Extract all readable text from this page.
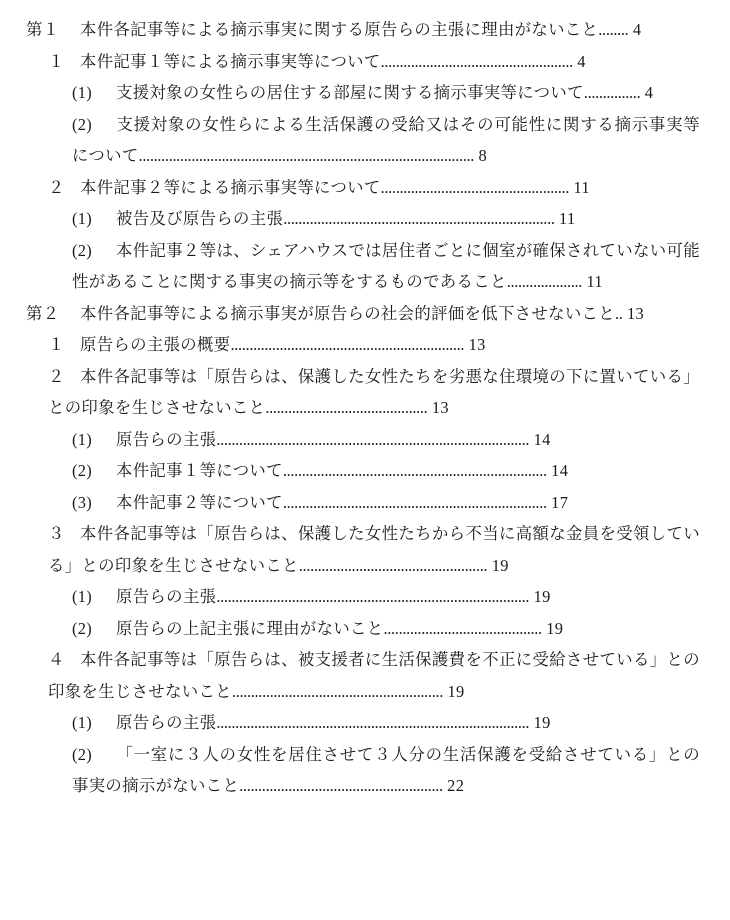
第１ 本件各記事等による摘示事実に関する原告らの主張に理由がないこと........ 4
１ 本件記事１等による摘示事実等について................................................... 4
(1) 支援対象の女性らの居住する部屋に関する摘示事実等について............... 4
(2) 支援対象の女性らによる生活保護の受給又はその可能性に関する摘示事実等について......................................................................................... 8
２ 本件記事２等による摘示事実等について.................................................. 11
(1) 被告及び原告らの主張........................................................................ 11
(2) 本件記事２等は、シェアハウスでは居住者ごとに個室が確保されていない可能性があることに関する事実の摘示等をするものであること.................... 11
第２ 本件各記事等による摘示事実が原告らの社会的評価を低下させないこと.. 13
１ 原告らの主張の概要.............................................................. 13
２ 本件各記事等は「原告らは、保護した女性たちを劣悪な住環境の下に置いている」との印象を生じさせないこと........................................... 13
(1) 原告らの主張................................................................................... 14
(2) 本件記事１等について...................................................................... 14
(3) 本件記事２等について...................................................................... 17
３ 本件各記事等は「原告らは、保護した女性たちから不当に高額な金員を受領している」との印象を生じさせないこと.................................................. 19
(1) 原告らの主張................................................................................... 19
(2) 原告らの上記主張に理由がないこと.......................................... 19
４ 本件各記事等は「原告らは、被支援者に生活保護費を不正に受給させている」との印象を生じさせないこと........................................................ 19
(1) 原告らの主張................................................................................... 19
(2) 「一室に３人の女性を居住させて３人分の生活保護を受給させている」との事実の摘示がないこと...................................................... 22
